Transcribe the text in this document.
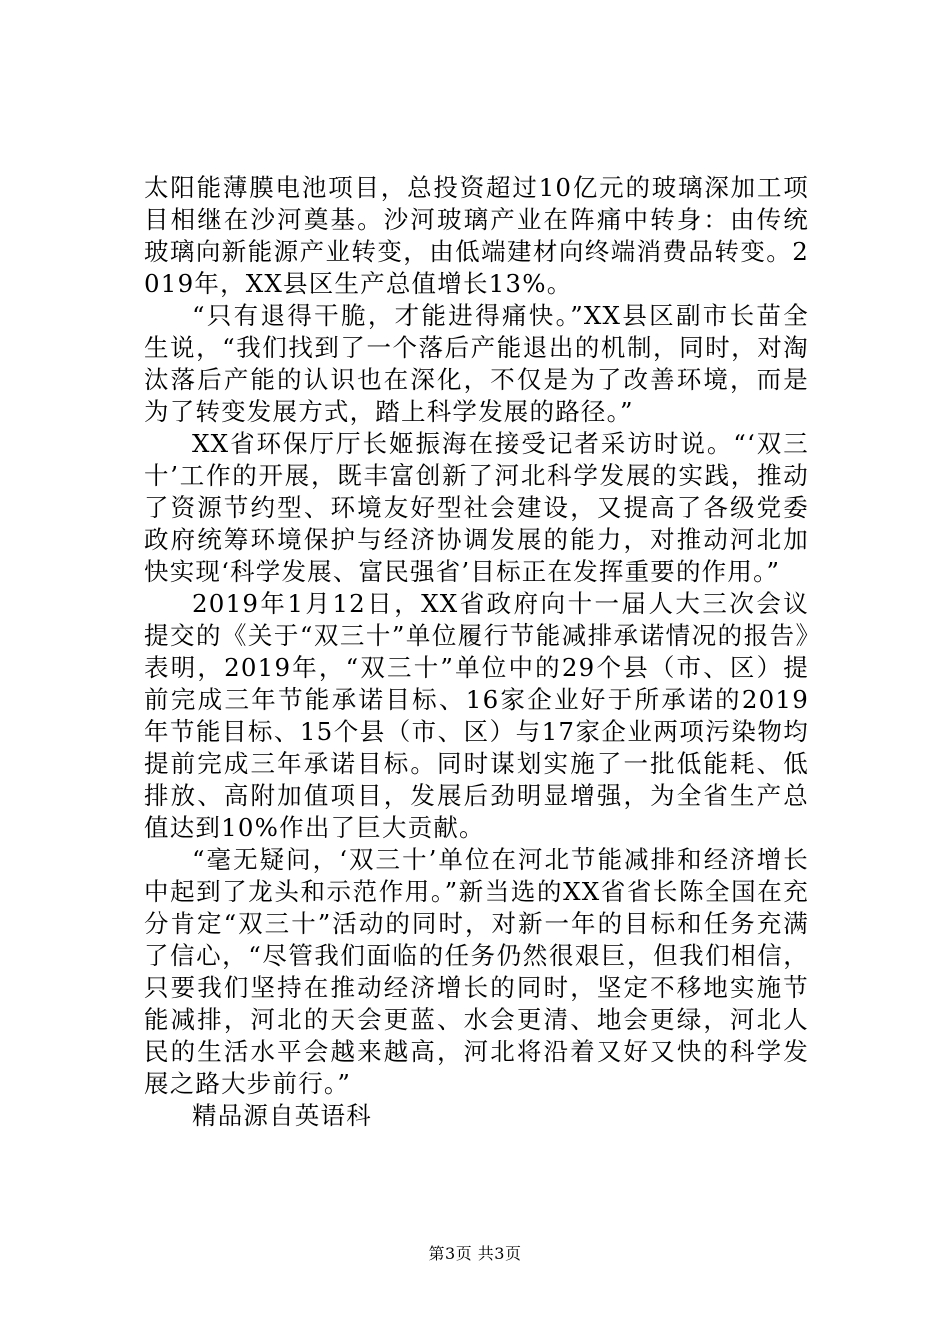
太阳能薄膜电池项目，总投资超过10亿元的玻璃深加工项目相继在沙河奠基。沙河玻璃产业在阵痛中转身：由传统玻璃向新能源产业转变，由低端建材向终端消费品转变。2019年，XX县区生产总值增长13%。

“只有退得干脆，才能进得痛快。”XX县区副市长苗全生说，“我们找到了一个落后产能退出的机制，同时，对淘汰落后产能的认识也在深化，不仅是为了改善环境，而是为了转变发展方式，踏上科学发展的路径。”

XX省环保厅厅长姬振海在接受记者采访时说。“‘双三十’工作的开展，既丰富创新了河北科学发展的实践，推动了资源节约型、环境友好型社会建设，又提高了各级党委政府统筹环境保护与经济协调发展的能力，对推动河北加快实现‘科学发展、富民强省’目标正在发挥重要的作用。”

2019年1月12日，XX省政府向十一届人大三次会议提交的《关于“双三十”单位履行节能减排承诺情况的报告》表明，2019年，“双三十”单位中的29个县（市、区）提前完成三年节能承诺目标、16家企业好于所承诺的2019年节能目标、15个县（市、区）与17家企业两项污染物均提前完成三年承诺目标。同时谋划实施了一批低能耗、低排放、高附加值项目，发展后劲明显增强，为全省生产总值达到10%作出了巨大贡献。

“毫无疑问，‘双三十’单位在河北节能减排和经济增长中起到了龙头和示范作用。”新当选的XX省省长陈全国在充分肯定“双三十”活动的同时，对新一年的目标和任务充满了信心，“尽管我们面临的任务仍然很艰巨，但我们相信，只要我们坚持在推动经济增长的同时，坚定不移地实施节能减排，河北的天会更蓝、水会更清、地会更绿，河北人民的生活水平会越来越高，河北将沿着又好又快的科学发展之路大步前行。”

精品源自英语科

第3页 共3页
